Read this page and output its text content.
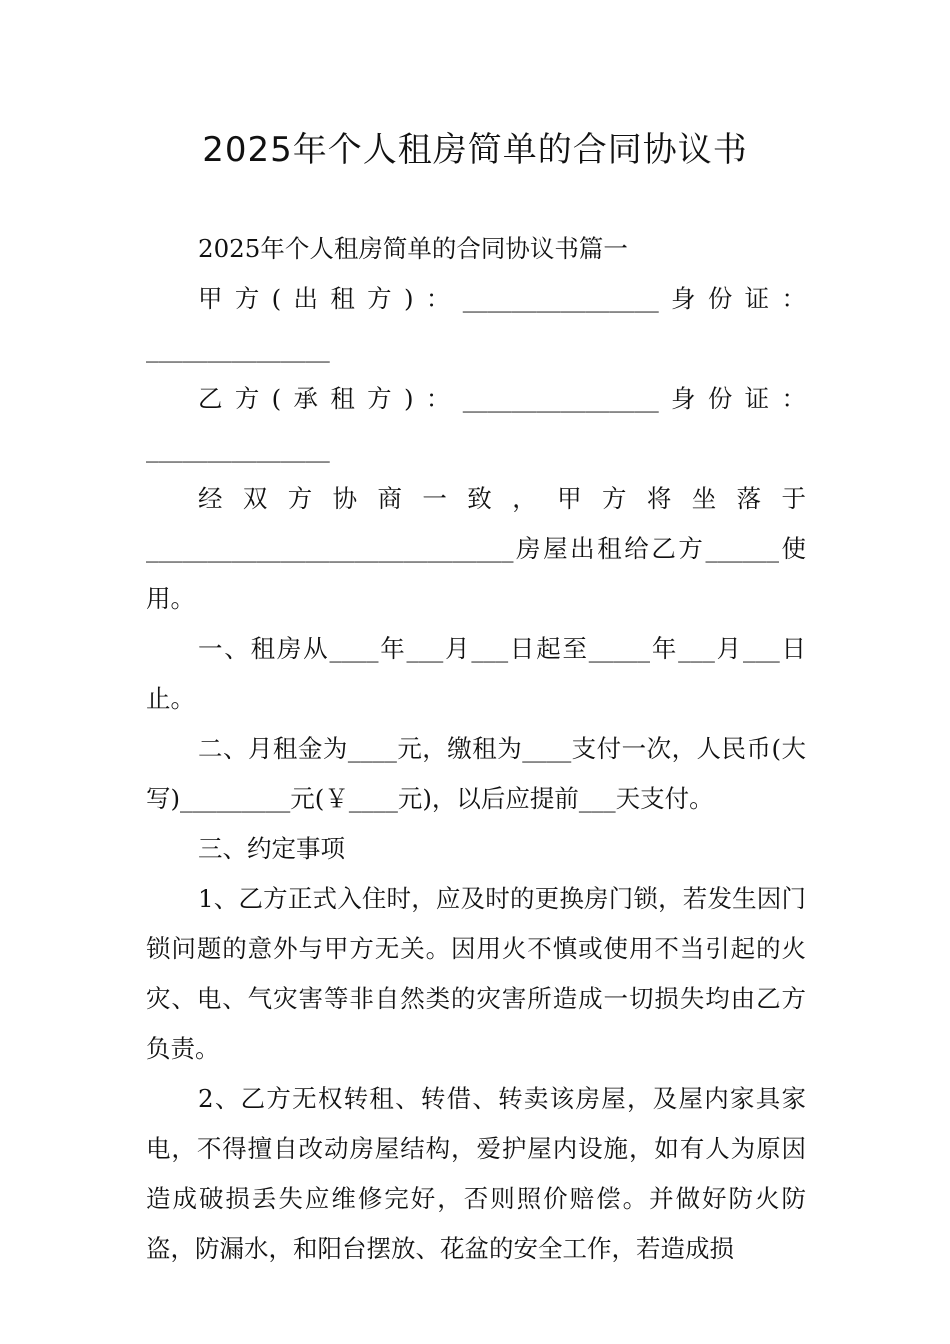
2025年个人租房简单的合同协议书

2025年个人租房简单的合同协议书篇一

甲方(出租方)：________________身份证：_______________

乙方(承租方)：________________身份证：_______________

经双方协商一致，甲方将坐落于______________________________房屋出租给乙方______使用。

一、租房从____年___月___日起至_____年___月___日止。

二、月租金为____元，缴租为____支付一次，人民币(大写)_________元(￥____元)，以后应提前___天支付。

三、约定事项

1、乙方正式入住时，应及时的更换房门锁，若发生因门锁问题的意外与甲方无关。因用火不慎或使用不当引起的火灾、电、气灾害等非自然类的灾害所造成一切损失均由乙方负责。

2、乙方无权转租、转借、转卖该房屋，及屋内家具家电，不得擅自改动房屋结构，爱护屋内设施，如有人为原因造成破损丢失应维修完好，否则照价赔偿。并做好防火防盗，防漏水，和阳台摆放、花盆的安全工作，若造成损
